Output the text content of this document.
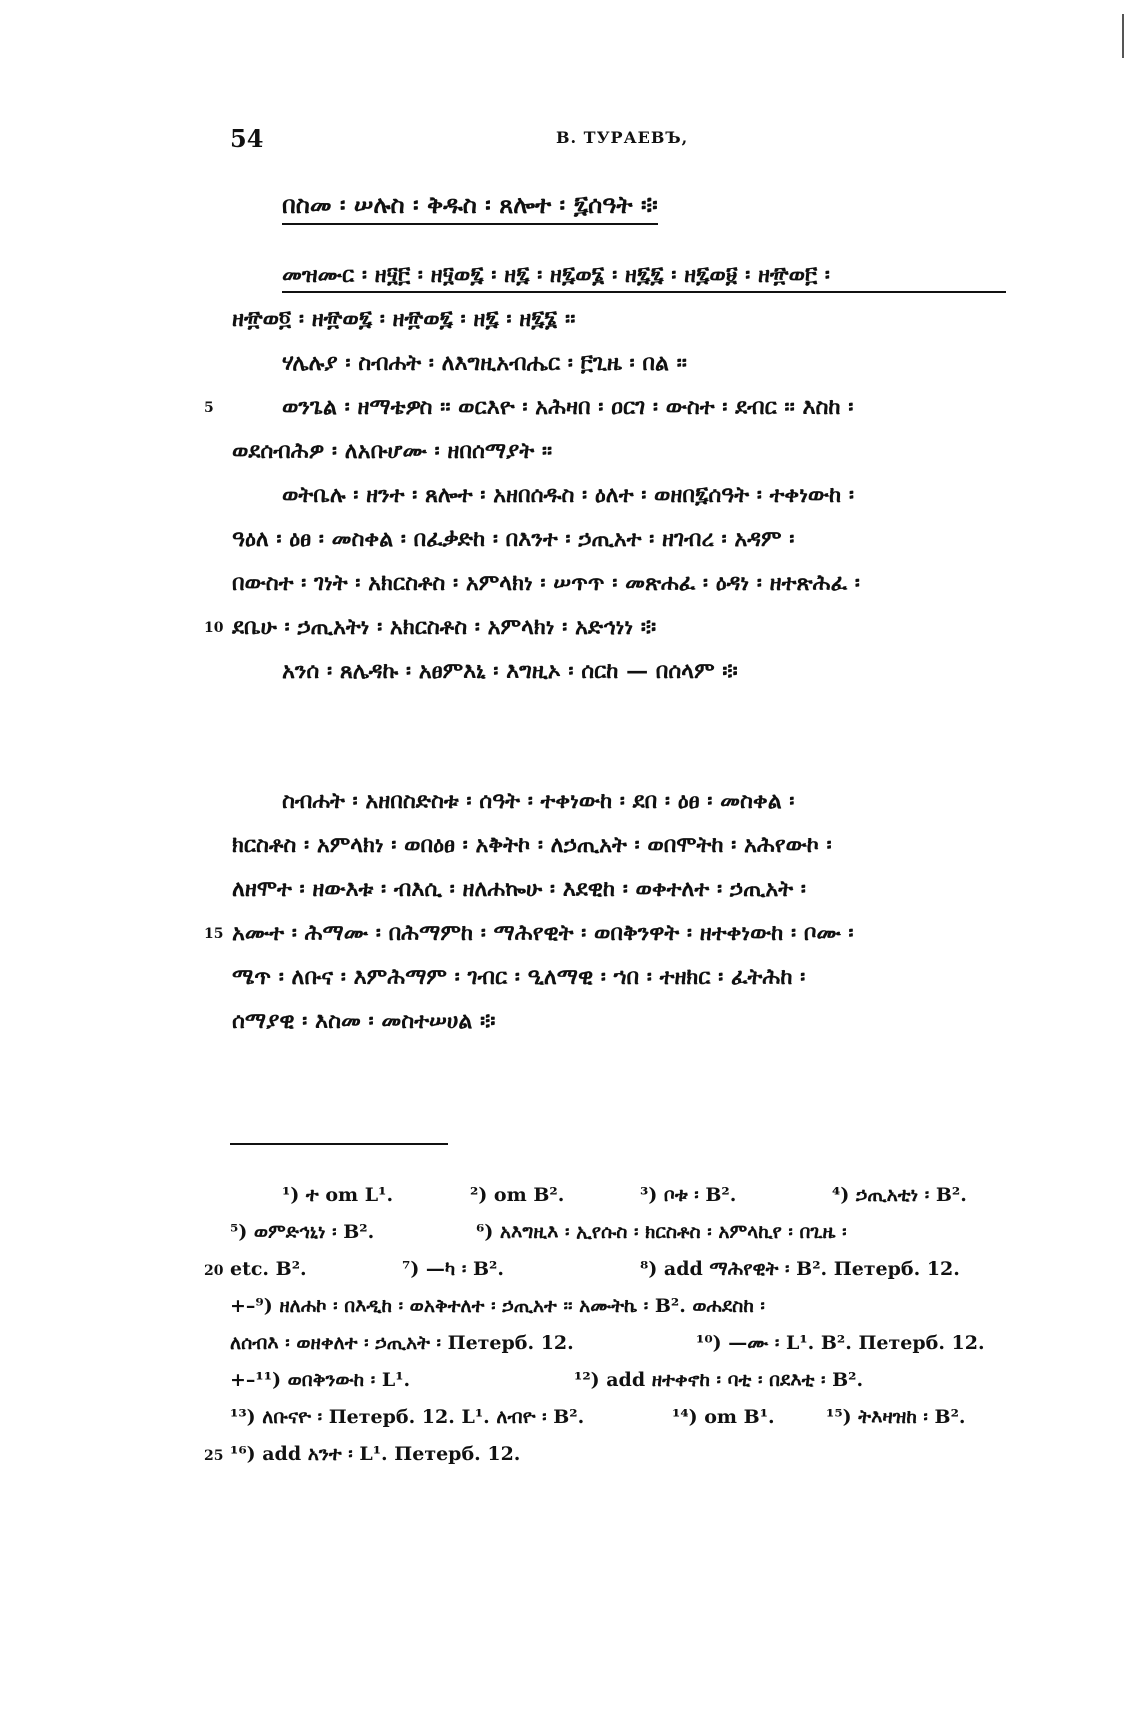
54	В. ТУРАЕВЪ,
በስመ ፡ ሠሉስ ፡ ቅዱስ ፡ ጸሎተ ፡ ፯ሰዓት ፨
መዝሙር ፡ ዘ፶፫ ፡ ዘ፶ወ፯ ፡ ዘ፯ ፡ ዘ፯ወ፮ ፡ ዘ፯፯ ፡ ዘ፯ወ፱ ፡ ዘ፹ወ፫ ፡
ዘ፹ወ፬ ፡ ዘ፹ወ፯ ፡ ዘ፹ወ፯ ፡ ዘ፯ ፡ ዘ፯፮ ፡፡
ሃሌሉያ ፡ ስብሐት ፡ ለእግዚአብሔር ፡ ፫ጊዜ ፡ በል ፡፡
5	ወንጌል ፡ ዘማቴዎስ ፡፡ ወርእዮ ፡ አሕዛበ ፡ ዐርገ ፡ ውስተ ፡ ደብር ፡፡ እስከ ፡
ወደሰብሕዎ ፡ ለአቡሆሙ ፡ ዘበሰማያት ፡፡
ወትቤሉ ፡ ዘንተ ፡ ጸሎተ ፡ አዘበሰዱስ ፡ ዕለተ ፡ ወዘበ፯ሰዓት ፡ ተቀነውከ ፡
ዓዕለ ፡ ዕፀ ፡ መስቀል ፡ በፈቃድከ ፡ በእንተ ፡ ኃጢአተ ፡ ዘገብረ ፡ አዳም ፡
በውስተ ፡ ገነት ፡ አክርስቶስ ፡ አምላክነ ፡ ሠጥጥ ፡ መጽሐፈ ፡ ዕዳነ ፡ ዘተጽሕፈ ፡
10 ደቤሁ ፡ ኃጢአትነ ፡ አክርስቶስ ፡ አምላክነ ፡ አድኅነነ ፨
አንሰ ፡ ጸሌዳኩ ፡ አፀምእኒ ፡ እግዚኦ ፡ ሰርከ — በሰላም ፨
ስብሐት ፡ አዘበስድስቱ ፡ ሰዓት ፡ ተቀነውከ ፡ ደበ ፡ ዕፀ ፡ መስቀል ፡
ክርስቶስ ፡ አምላክነ ፡ ወበዕፀ ፡ አቅትኮ ፡ ለኃጢአት ፡ ወበሞትከ ፡ አሕየውኮ ፡
ለዘሞተ ፡ ዘውእቱ ፡ ብእሲ ፡ ዘለሐኰሁ ፡ እደዊከ ፡ ወቀተለተ ፡ ኃጢአት ፡
15 አሙተ ፡ ሕማሙ ፡ በሕማምከ ፡ ማሕየዊት ፡ ወበቅንዋት ፡ ዘተቀነውከ ፡ ቦሙ ፡
ሜጥ ፡ ለቡና ፡ እምሕማም ፡ ገብር ፡ ዒለማዊ ፡ ኀበ ፡ ተዘክር ፡ ፈትሕከ ፡
ሰማያዊ ፡ እስመ ፡ መስተሠሀል ፨
¹) ተ om L¹.	²) om B².	³) ቦቱ ፡ B².	⁴) ኃጢአቲነ ፡ B².
⁵) ወምድኅኒነ ፡ B².	⁶) አእግዚእ ፡ ኢየሱስ ፡ ክርስቶስ ፡ አምላኪየ ፡ በጊዜ ፡
20 etc. B².	⁷) —ካ ፡ B².	⁸) add ማሕየዊት ፡ B². Петерб. 12.
+–⁹) ዘለሐኮ ፡ በእዲከ ፡ ወአቅተለተ ፡ ኃጢአተ ፡፡ አሙትኬ ፡ B². ወሐደስከ ፡
ለሰብእ ፡ ወዘቀለተ ፡ ኃጢአት ፡ Петерб. 12.	¹⁰) —ሙ ፡ L¹. B². Петерб. 12.
+–¹¹) ወበቅንውከ ፡ L¹.	¹²) add ዘተቀኖከ ፡ ባቲ ፡ በደእቲ ፡ B².
¹³) ለቡናዮ ፡ Петерб. 12. L¹. ለብዮ ፡ B².	¹⁴) om B¹.	¹⁵) ትእዛዝከ ፡ B².
25 ¹⁶) add አንተ ፡ L¹. Петерб. 12.
